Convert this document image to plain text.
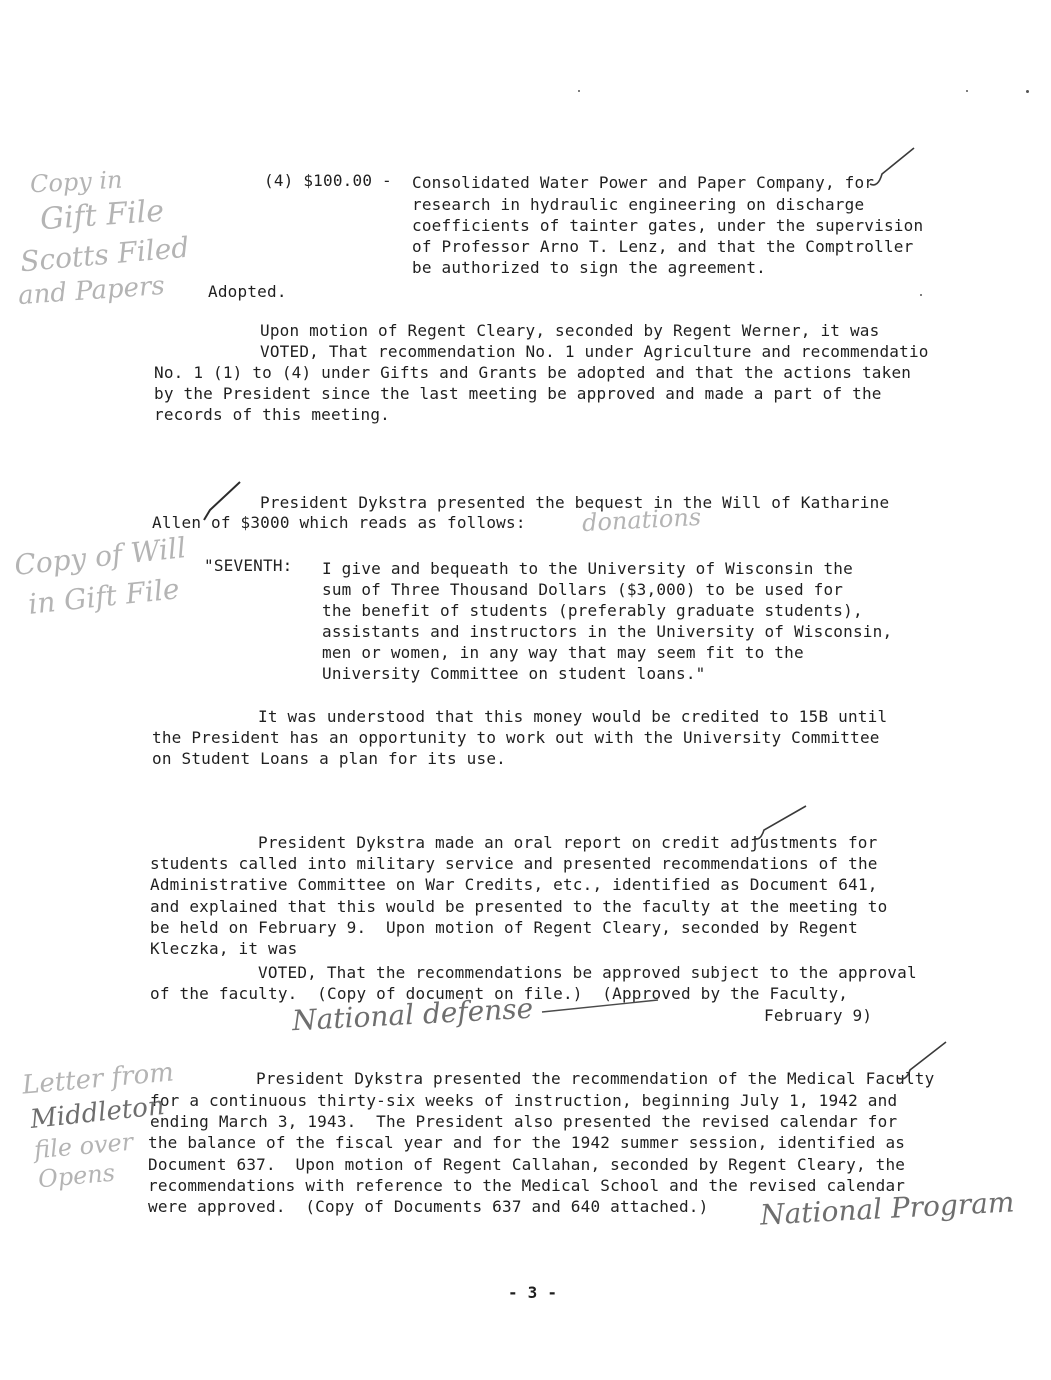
(4) $100.00 - Consolidated Water Power and Paper Company, for
research in hydraulic engineering on discharge
coefficients of tainter gates, under the supervision
of Professor Arno T. Lenz, and that the Comptroller
be authorized to sign the agreement.
Adopted.
Upon motion of Regent Cleary, seconded by Regent Werner, it was
VOTED, That recommendation No. 1 under Agriculture and recommendatio
No. 1 (1) to (4) under Gifts and Grants be adopted and that the actions taken
by the President since the last meeting be approved and made a part of the
records of this meeting.
President Dykstra presented the bequest in the Will of Katharine
Allen of $3000 which reads as follows:
"SEVENTH: I give and bequeath to the University of Wisconsin the
sum of Three Thousand Dollars ($3,000) to be used for
the benefit of students (preferably graduate students),
assistants and instructors in the University of Wisconsin,
men or women, in any way that may seem fit to the
University Committee on student loans."
It was understood that this money would be credited to 15B until
the President has an opportunity to work out with the University Committee
on Student Loans a plan for its use.
President Dykstra made an oral report on credit adjustments for
students called into military service and presented recommendations of the
Administrative Committee on War Credits, etc., identified as Document 641,
and explained that this would be presented to the faculty at the meeting to
be held on February 9.  Upon motion of Regent Cleary, seconded by Regent
Kleczka, it was
VOTED, That the recommendations be approved subject to the approval
of the faculty.  (Copy of document on file.)  (Approved by the Faculty,
February 9)
President Dykstra presented the recommendation of the Medical Faculty
for a continuous thirty-six weeks of instruction, beginning July 1, 1942 and
ending March 3, 1943.  The President also presented the revised calendar for
the balance of the fiscal year and for the 1942 summer session, identified as
Document 637.  Upon motion of Regent Callahan, seconded by Regent Cleary, the
recommendations with reference to the Medical School and the revised calendar
were approved.  (Copy of Documents 637 and 640 attached.)
- 3 -
Copy in
Gift File
Scotts Filed
and Papers
donations
Copy of Will
in Gift File
National defense
Letter from
Middleton
file over
Opens
National Program
